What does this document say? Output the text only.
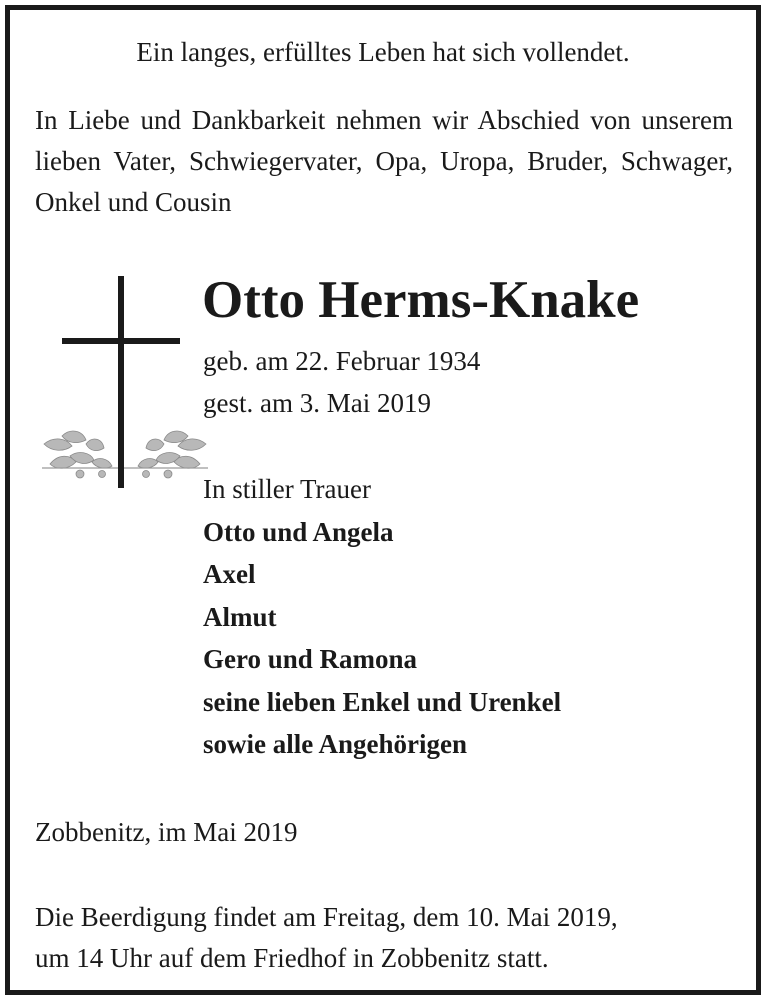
Ein langes, erfülltes Leben hat sich vollendet.
In Liebe und Dankbarkeit nehmen wir Abschied von unserem lieben Vater, Schwiegervater, Opa, Uropa, Bruder, Schwager, Onkel und Cousin
Otto Herms-Knake
geb. am 22. Februar 1934
gest. am 3. Mai 2019
In stiller Trauer
Otto und Angela
Axel
Almut
Gero und Ramona
seine lieben Enkel und Urenkel
sowie alle Angehörigen
Zobbenitz, im Mai 2019
Die Beerdigung findet am Freitag, dem 10. Mai 2019,
um 14 Uhr auf dem Friedhof in Zobbenitz statt.
